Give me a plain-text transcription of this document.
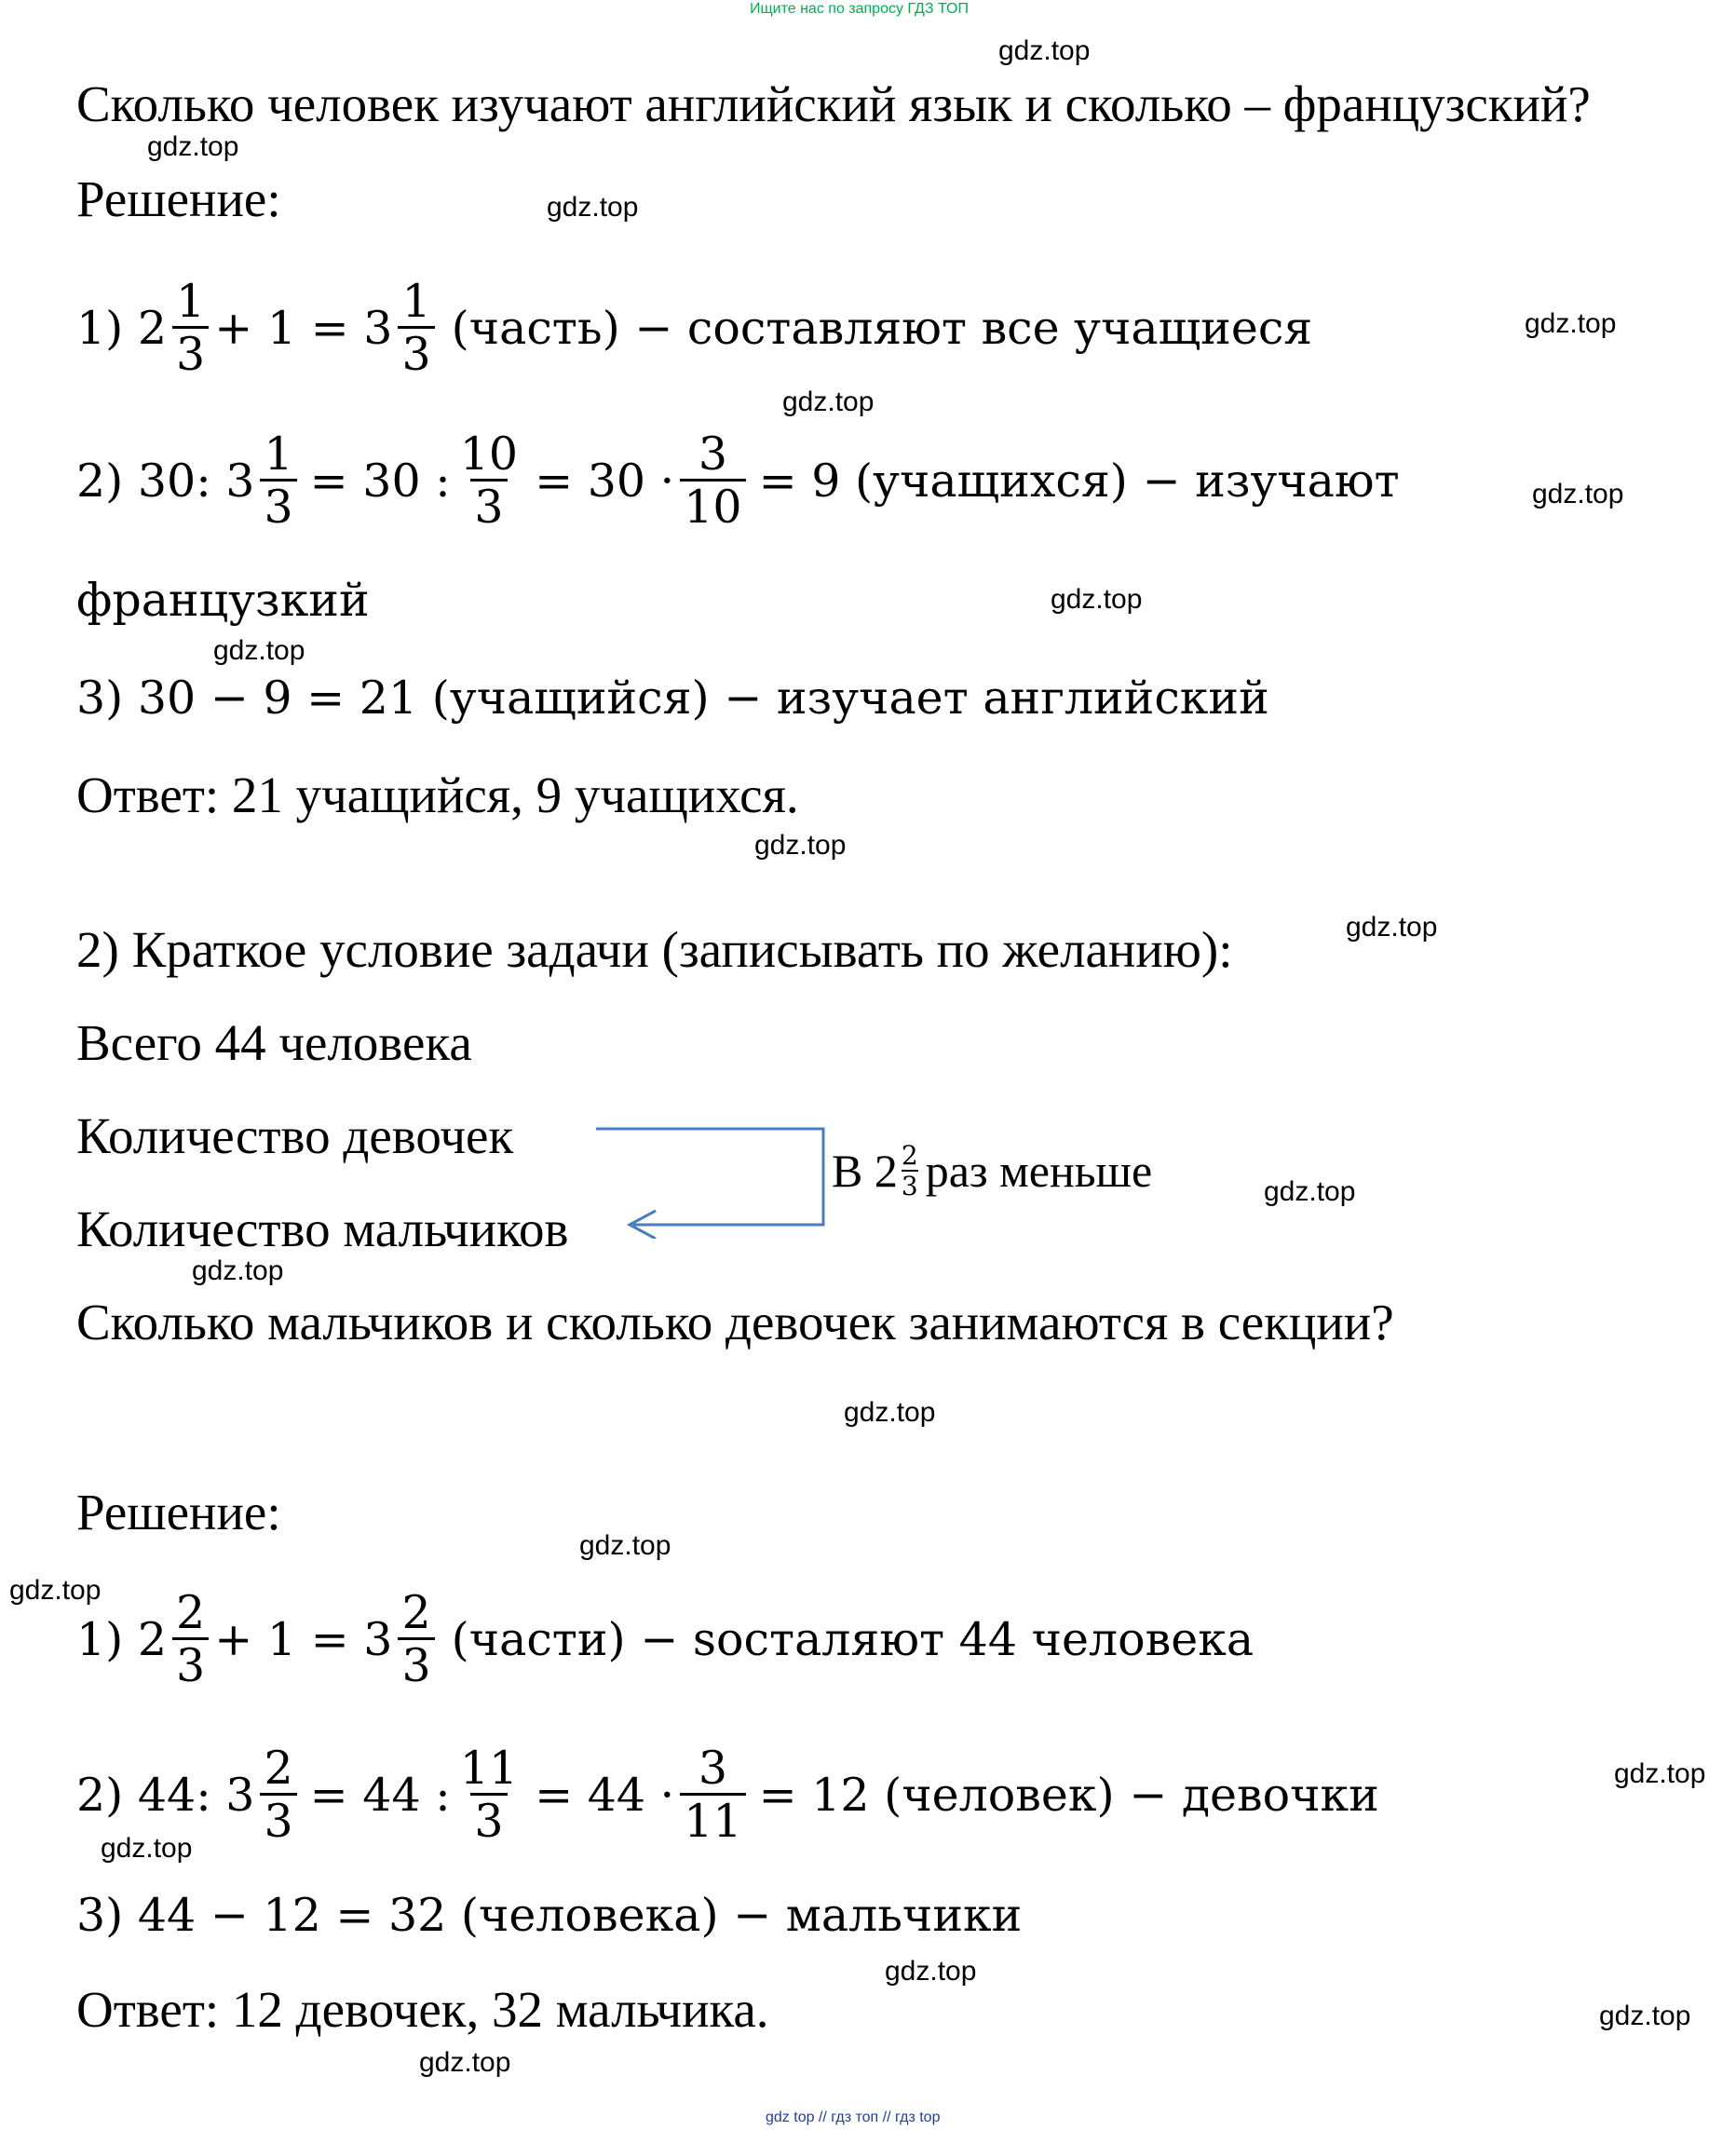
Ищите нас по запросу ГДЗ ТОП
gdz top // гдз топ // гдз top
gdz.top
gdz.top
gdz.top
gdz.top
gdz.top
gdz.top
gdz.top
gdz.top
gdz.top
gdz.top
gdz.top
gdz.top
gdz.top
gdz.top
gdz.top
gdz.top
gdz.top
gdz.top
gdz.top
gdz.top
Сколько человек изучают английский язык и сколько – французский?
Решение:
1) $2 \frac{1}{3} + 1 = 3 \frac{1}{3}$ (часть) − составляют все учащиеся
2) 30: $3 \frac{1}{3} = 30$ : $\frac{10}{3} = 30 \cdot \frac{3}{10} = 9$ (учащихся) − изучают
французкий
3) 30 − 9 = 21 (учащийся) − изучает английский
Ответ: 21 учащийся, 9 учащихся.
2) Краткое условие задачи (записывать по желанию):
Всего 44 человека
Количество девочек
Количество мальчиков
В $2 \frac{2}{3}$ раз меньше
Сколько мальчиков и сколько девочек занимаются в секции?
Решение:
1) $2 \frac{2}{3} + 1 = 3 \frac{2}{3}$ (части) − socталяют 44 человека
2) 44: $3 \frac{2}{3} = 44$ : $\frac{11}{3} = 44 \cdot \frac{3}{11} = 12$ (человек) − девочки
3) 44 − 12 = 32 (человека) − мальчики
Ответ: 12 девочек, 32 мальчика.
